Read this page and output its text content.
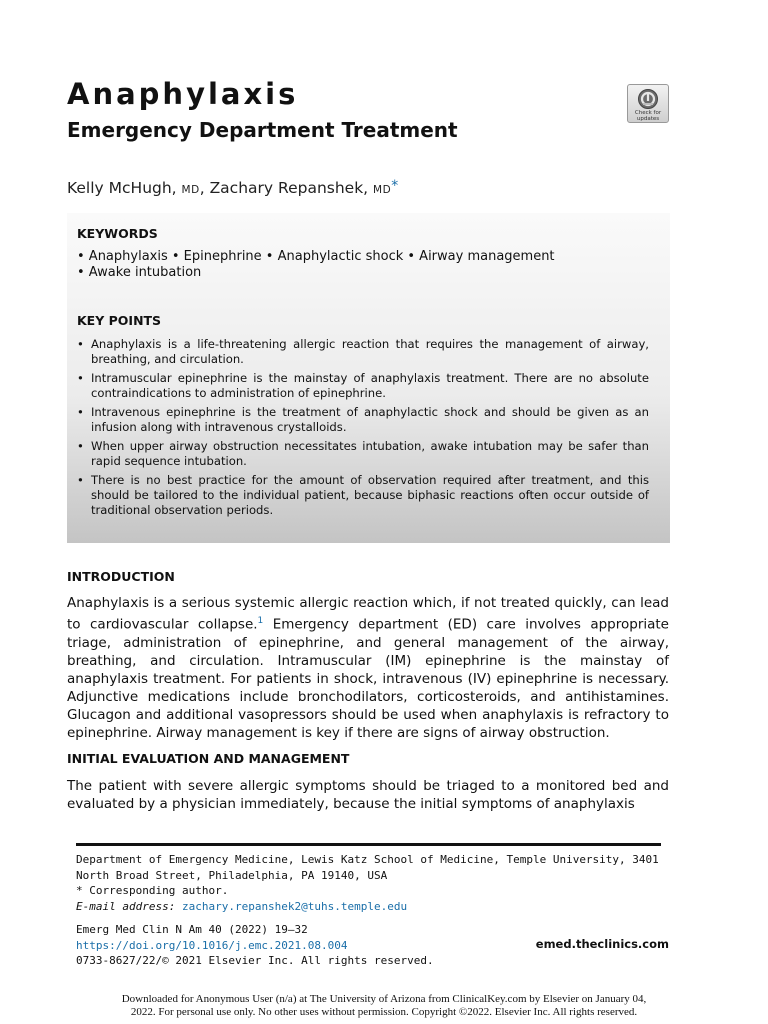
Anaphylaxis
Emergency Department Treatment
Check for
updates
Kelly McHugh, MD, Zachary Repanshek, MD*
KEYWORDS
• Anaphylaxis • Epinephrine • Anaphylactic shock • Airway management
• Awake intubation
KEY POINTS
• Anaphylaxis is a life-threatening allergic reaction that requires the management of airway, breathing, and circulation.
• Intramuscular epinephrine is the mainstay of anaphylaxis treatment. There are no absolute contraindications to administration of epinephrine.
• Intravenous epinephrine is the treatment of anaphylactic shock and should be given as an infusion along with intravenous crystalloids.
• When upper airway obstruction necessitates intubation, awake intubation may be safer than rapid sequence intubation.
• There is no best practice for the amount of observation required after treatment, and this should be tailored to the individual patient, because biphasic reactions often occur outside of traditional observation periods.
INTRODUCTION

Anaphylaxis is a serious systemic allergic reaction which, if not treated quickly, can lead to cardiovascular collapse.$^1$ Emergency department (ED) care involves appropriate triage, administration of epinephrine, and general management of the airway, breathing, and circulation. Intramuscular (IM) epinephrine is the mainstay of anaphylaxis treatment. For patients in shock, intravenous (IV) epinephrine is necessary. Adjunctive medications include bronchodilators, corticosteroids, and antihistamines. Glucagon and additional vasopressors should be used when anaphylaxis is refractory to epinephrine. Airway management is key if there are signs of airway obstruction.

INITIAL EVALUATION AND MANAGEMENT

The patient with severe allergic symptoms should be triaged to a monitored bed and evaluated by a physician immediately, because the initial symptoms of anaphylaxis

Department of Emergency Medicine, Lewis Katz School of Medicine, Temple University, 3401
North Broad Street, Philadelphia, PA 19140, USA
* Corresponding author.
E-mail address: zachary.repanshek2@tuhs.temple.edu
Emerg Med Clin N Am 40 (2022) 19–32
https://doi.org/10.1016/j.emc.2021.08.004
0733-8627/22/© 2021 Elsevier Inc. All rights reserved.
emed.theclinics.com
Downloaded for Anonymous User (n/a) at The University of Arizona from ClinicalKey.com by Elsevier on January 04,
2022. For personal use only. No other uses without permission. Copyright ©2022. Elsevier Inc. All rights reserved.
